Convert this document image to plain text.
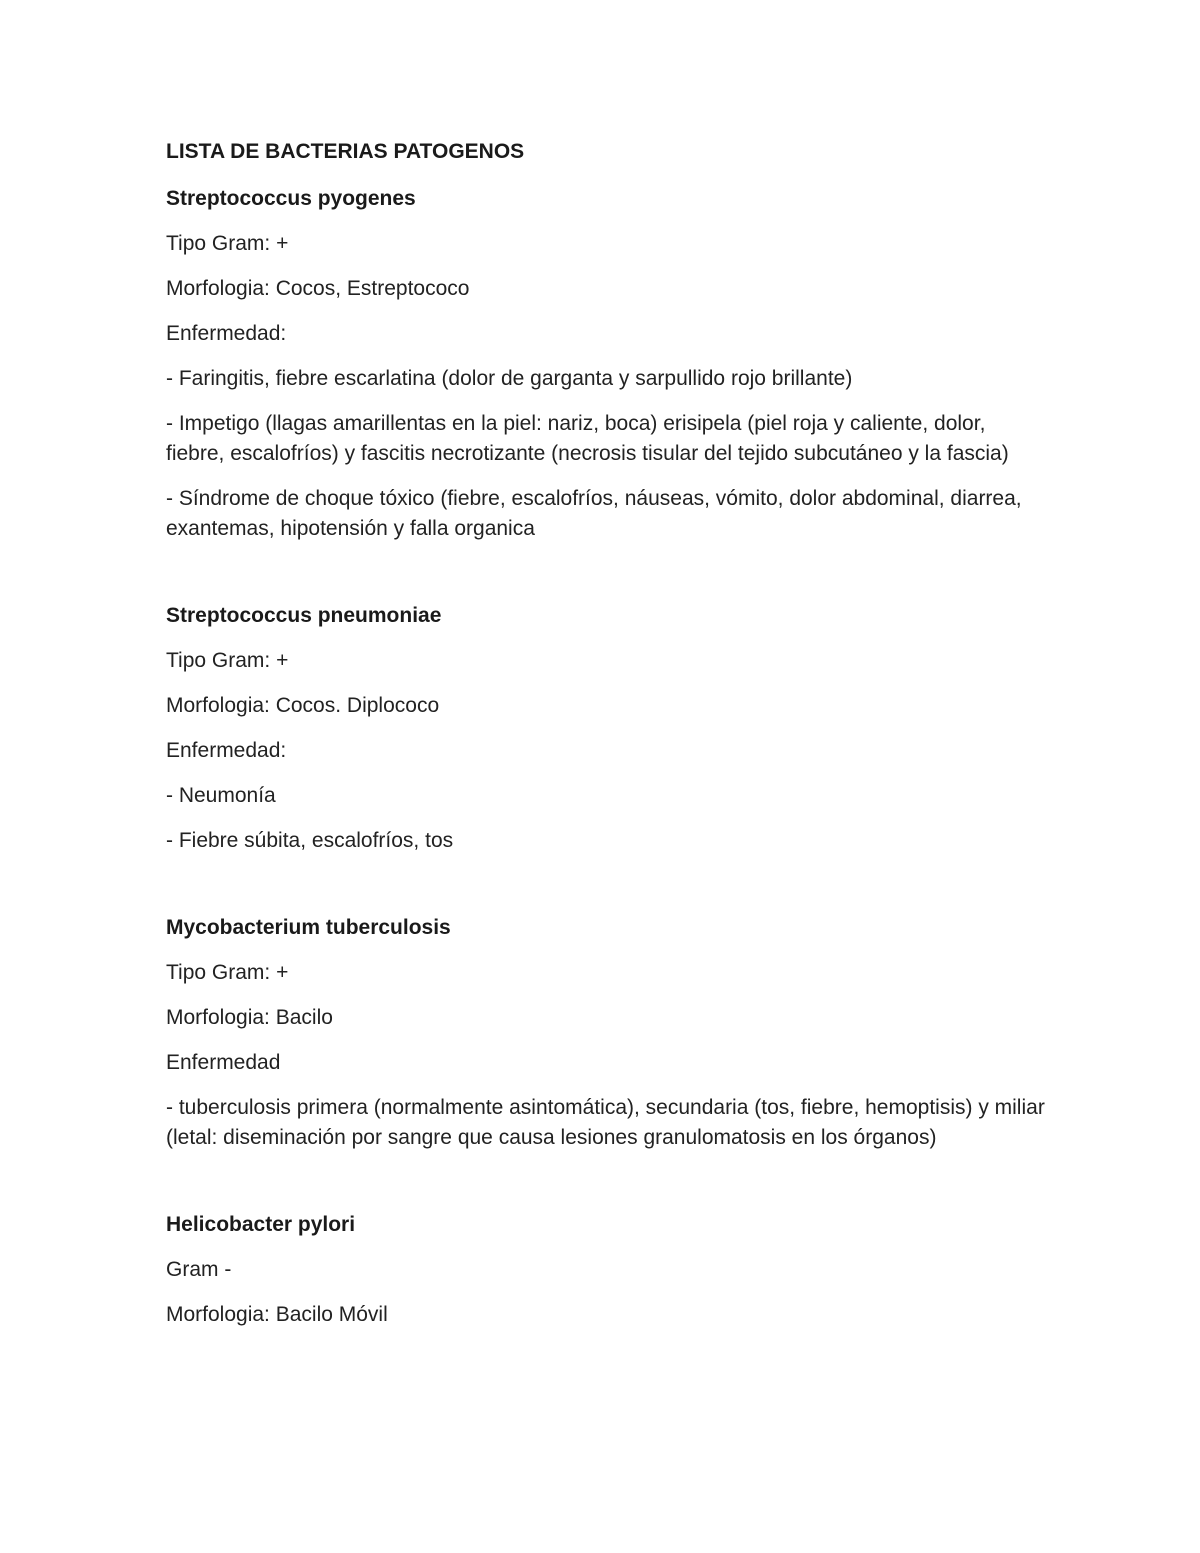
LISTA DE BACTERIAS PATOGENOS
Streptococcus pyogenes
Tipo Gram: +
Morfologia: Cocos, Estreptococo
Enfermedad:
- Faringitis, fiebre escarlatina (dolor de garganta y sarpullido rojo brillante)
- Impetigo (llagas amarillentas en la piel: nariz, boca) erisipela (piel roja y caliente, dolor, fiebre, escalofríos) y fascitis necrotizante (necrosis tisular del tejido subcutáneo y la fascia)
- Síndrome de choque tóxico (fiebre, escalofríos, náuseas, vómito, dolor abdominal, diarrea, exantemas, hipotensión y falla organica
Streptococcus pneumoniae
Tipo Gram: +
Morfologia: Cocos. Diplococo
Enfermedad:
- Neumonía
- Fiebre súbita, escalofríos, tos
Mycobacterium tuberculosis
Tipo Gram: +
Morfologia: Bacilo
Enfermedad
- tuberculosis primera (normalmente asintomática), secundaria (tos, fiebre, hemoptisis) y miliar (letal: diseminación por sangre que causa lesiones granulomatosis en los órganos)
Helicobacter pylori
Gram -
Morfologia: Bacilo Móvil
